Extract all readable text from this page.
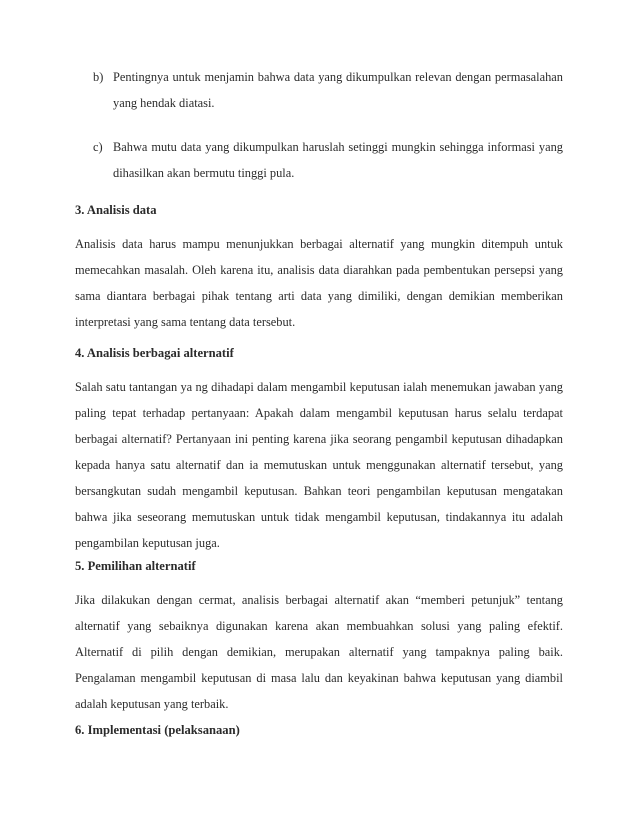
b) Pentingnya untuk menjamin bahwa data yang dikumpulkan relevan dengan permasalahan yang hendak diatasi.
c) Bahwa mutu data yang dikumpulkan haruslah setinggi mungkin sehingga informasi yang dihasilkan akan bermutu tinggi pula.
3. Analisis data
Analisis data harus mampu menunjukkan berbagai alternatif yang mungkin ditempuh untuk memecahkan masalah. Oleh karena itu, analisis data diarahkan pada pembentukan persepsi yang sama diantara berbagai pihak tentang arti data yang dimiliki, dengan demikian memberikan interpretasi yang sama tentang data tersebut.
4. Analisis berbagai alternatif
Salah satu tantangan ya ng dihadapi dalam mengambil keputusan ialah menemukan jawaban yang paling tepat terhadap pertanyaan: Apakah dalam mengambil keputusan harus selalu terdapat berbagai alternatif? Pertanyaan ini penting karena jika seorang pengambil keputusan dihadapkan kepada hanya satu alternatif dan ia memutuskan untuk menggunakan alternatif tersebut, yang bersangkutan sudah mengambil keputusan. Bahkan teori pengambilan keputusan mengatakan bahwa jika seseorang memutuskan untuk tidak mengambil keputusan, tindakannya itu adalah pengambilan keputusan juga.
5. Pemilihan alternatif
Jika dilakukan dengan cermat, analisis berbagai alternatif akan “memberi petunjuk” tentang alternatif yang sebaiknya digunakan karena akan membuahkan solusi yang paling efektif. Alternatif di pilih dengan demikian, merupakan alternatif yang tampaknya paling baik. Pengalaman mengambil keputusan di masa lalu dan keyakinan bahwa keputusan yang diambil adalah keputusan yang terbaik.
6. Implementasi (pelaksanaan)
